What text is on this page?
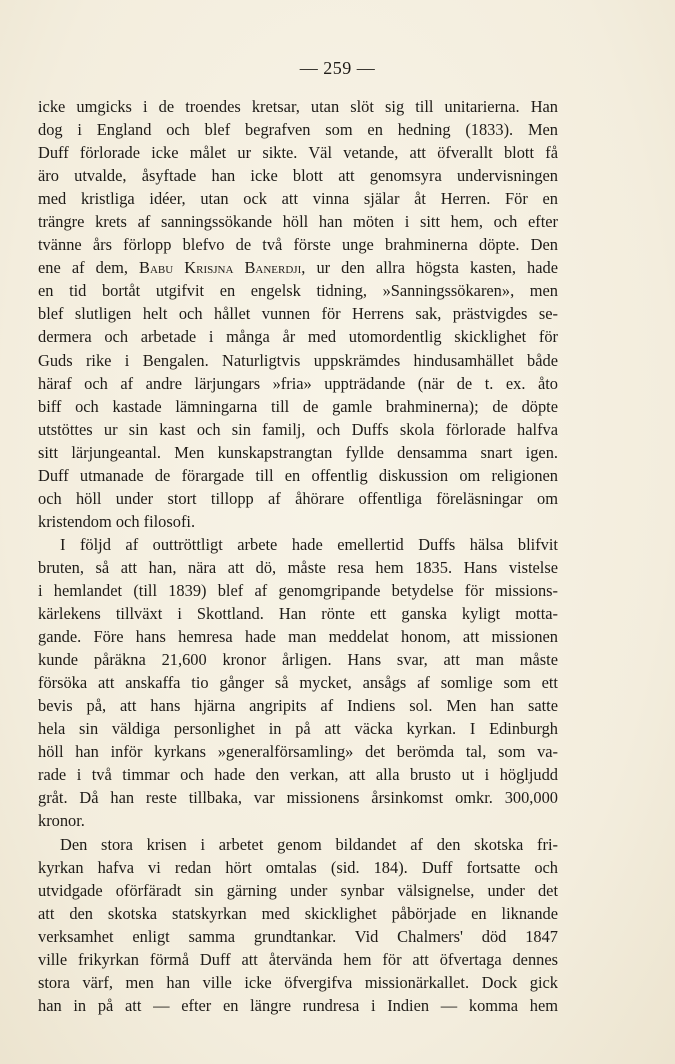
— 259 —
icke umgicks i de troendes kretsar, utan slöt sig till unitarierna. Han
dog i England och blef begrafven som en hedning (1833). Men
Duff förlorade icke målet ur sikte. Väl vetande, att öfverallt blott få
äro utvalde, åsyftade han icke blott att genomsyra undervisningen
med kristliga idéer, utan ock att vinna själar åt Herren. För en
trängre krets af sanningssökande höll han möten i sitt hem, och efter
tvänne års förlopp blefvo de två förste unge brahminerna döpte. Den
ene af dem, Babu Krisjna Banerdji, ur den allra högsta kasten, hade
en tid bortåt utgifvit en engelsk tidning, »Sanningssökaren», men
blef slutligen helt och hållet vunnen för Herrens sak, prästvigdes se-
dermera och arbetade i många år med utomordentlig skicklighet för
Guds rike i Bengalen. Naturligtvis uppskrämdes hindusamhället både
häraf och af andre lärjungars »fria» uppträdande (när de t. ex. åto
biff och kastade lämningarna till de gamle brahminerna); de döpte
utstöttes ur sin kast och sin familj, och Duffs skola förlorade halfva
sitt lärjungeantal. Men kunskapstrangtan fyllde densamma snart igen.
Duff utmanade de förargade till en offentlig diskussion om religionen
och höll under stort tillopp af åhörare offentliga föreläsningar om
kristendom och filosofi.
I följd af outtröttligt arbete hade emellertid Duffs hälsa blifvit
bruten, så att han, nära att dö, måste resa hem 1835. Hans vistelse
i hemlandet (till 1839) blef af genomgripande betydelse för missions-
kärlekens tillväxt i Skottland. Han rönte ett ganska kyligt motta-
gande. Före hans hemresa hade man meddelat honom, att missionen
kunde påräkna 21,600 kronor årligen. Hans svar, att man måste
försöka att anskaffa tio gånger så mycket, ansågs af somlige som ett
bevis på, att hans hjärna angripits af Indiens sol. Men han satte
hela sin väldiga personlighet in på att väcka kyrkan. I Edinburgh
höll han inför kyrkans »generalförsamling» det berömda tal, som va-
rade i två timmar och hade den verkan, att alla brusto ut i högljudd
gråt. Då han reste tillbaka, var missionens årsinkomst omkr. 300,000
kronor.
Den stora krisen i arbetet genom bildandet af den skotska fri-
kyrkan hafva vi redan hört omtalas (sid. 184). Duff fortsatte och
utvidgade oförfäradt sin gärning under synbar välsignelse, under det
att den skotska statskyrkan med skicklighet påbörjade en liknande
verksamhet enligt samma grundtankar. Vid Chalmers' död 1847
ville frikyrkan förmå Duff att återvända hem för att öfvertaga dennes
stora värf, men han ville icke öfvergifva missionärkallet. Dock gick
han in på att — efter en längre rundresa i Indien — komma hem
